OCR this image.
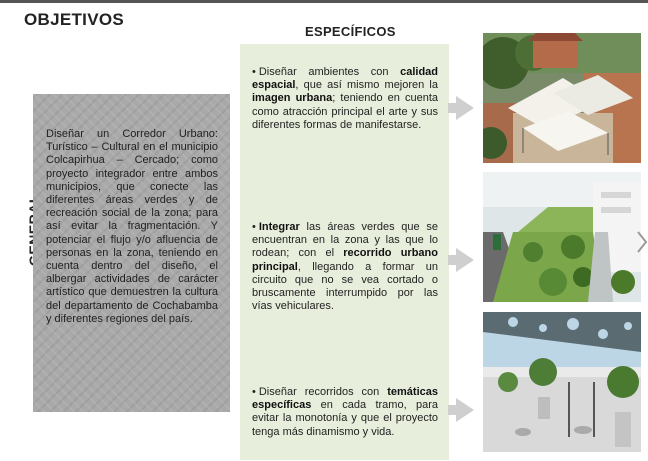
OBJETIVOS
Diseñar un Corredor Urbano: Turístico – Cultural en el municipio Colcapirhua – Cercado; como proyecto integrador entre ambos municipios, que conecte las diferentes áreas verdes y de recreación social de la zona; para así evitar la fragmentación. Y potenciar el flujo y/o afluencia de personas en la zona, teniendo en cuenta dentro del diseño, el albergar actividades de carácter artístico que demuestren la cultura del departamento de Cochabamba y diferentes regiones del país.
ESPECÍFICOS
• Diseñar ambientes con calidad espacial, que así mismo mejoren la imagen urbana; teniendo en cuenta como atracción principal el arte y sus diferentes formas de manifestarse.
• Integrar las áreas verdes que se encuentran en la zona y las que lo rodean; con el recorrido urbano principal, llegando a formar un circuito que no se vea cortado o bruscamente interrumpido por las vías vehiculares.
• Diseñar recorridos con temáticas específicas en cada tramo, para evitar la monotonía y que el proyecto tenga más dinamismo y vida.
